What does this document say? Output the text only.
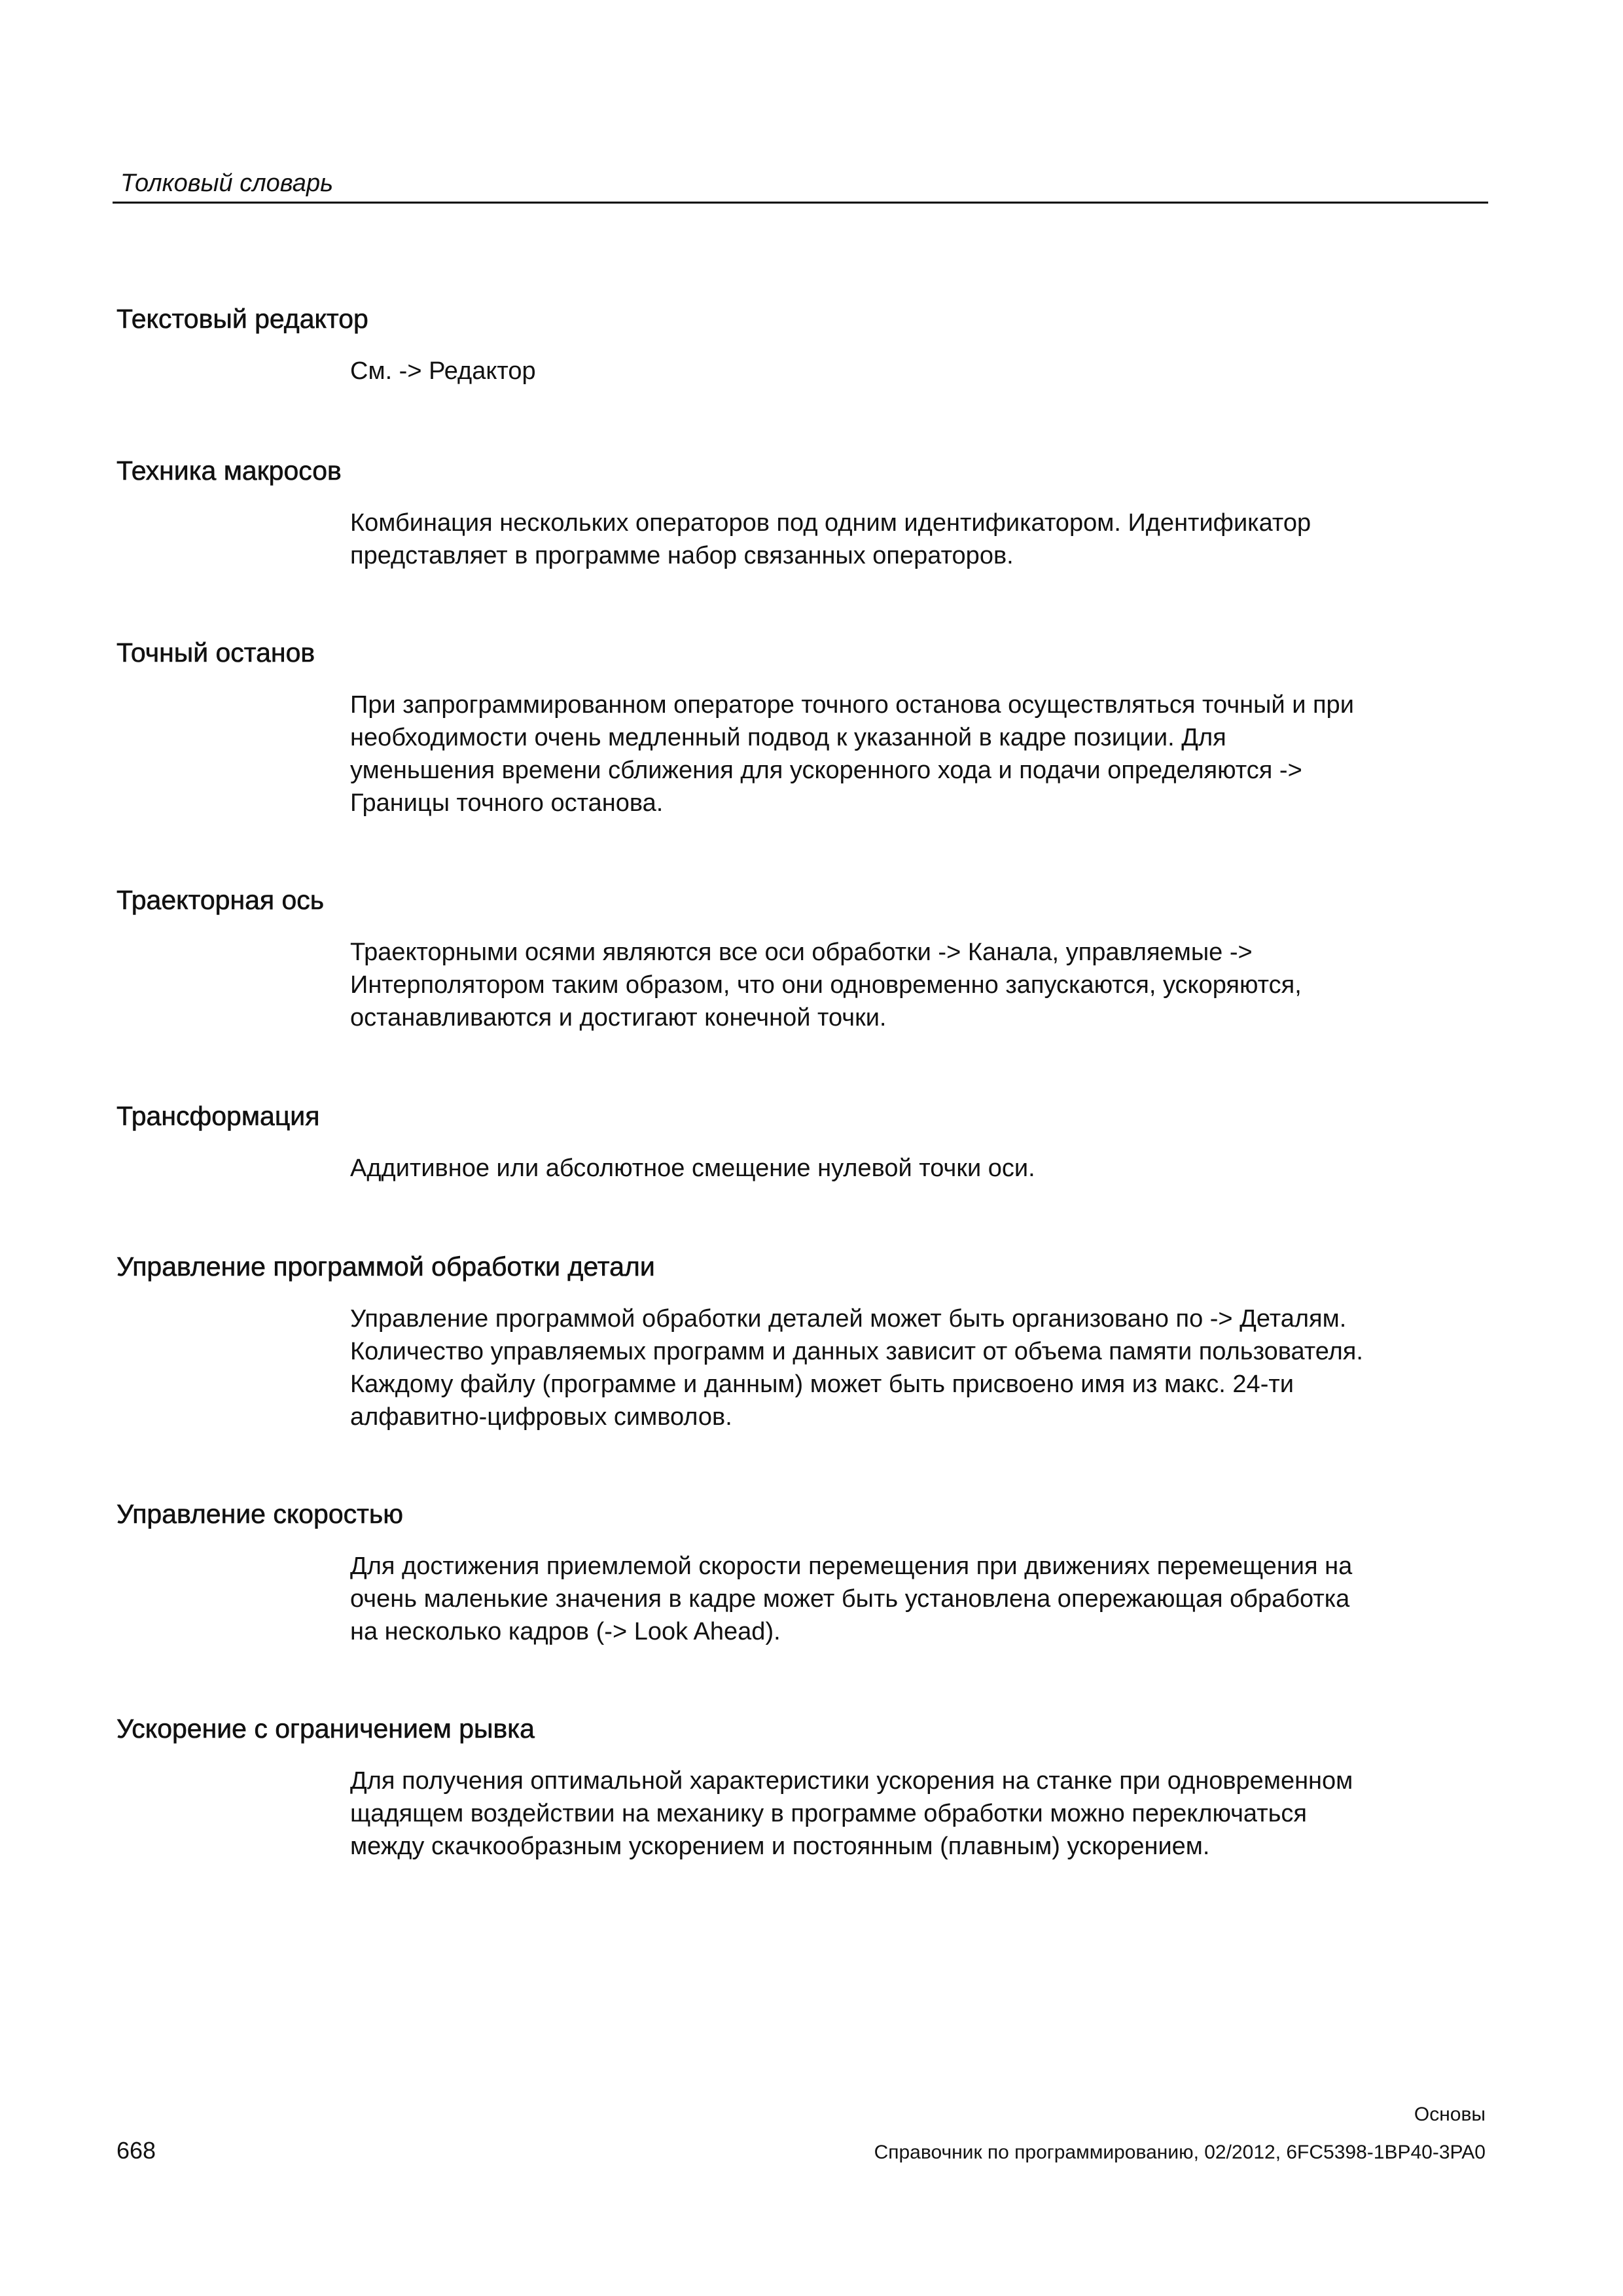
Толковый словарь
Текстовый редактор
См. -> Редактор
Техника макросов
Комбинация нескольких операторов под одним идентификатором. Идентификатор
представляет в программе набор связанных операторов.
Точный останов
При запрограммированном операторе точного останова осуществляться точный и при
необходимости очень медленный подвод к указанной в кадре позиции. Для
уменьшения времени сближения для ускоренного хода и подачи определяются ->
Границы точного останова.
Траекторная ось
Траекторными осями являются все оси обработки -> Канала, управляемые ->
Интерполятором таким образом, что они одновременно запускаются, ускоряются,
останавливаются и достигают конечной точки.
Трансформация
Аддитивное или абсолютное смещение нулевой точки оси.
Управление программой обработки детали
Управление программой обработки деталей может быть организовано по -> Деталям.
Количество управляемых программ и данных зависит от объема памяти пользователя.
Каждому файлу (программе и данным) может быть присвоено имя из макс. 24-ти
алфавитно-цифровых символов.
Управление скоростью
Для достижения приемлемой скорости перемещения при движениях перемещения на
очень маленькие значения в кадре может быть установлена опережающая обработка
на несколько кадров (-> Look Ahead).
Ускорение с ограничением рывка
Для получения оптимальной характеристики ускорения на станке при одновременном
щадящем воздействии на механику в программе обработки можно переключаться
между скачкообразным ускорением и постоянным (плавным) ускорением.
Основы
668	Справочник по программированию, 02/2012, 6FC5398-1BP40-3PA0
